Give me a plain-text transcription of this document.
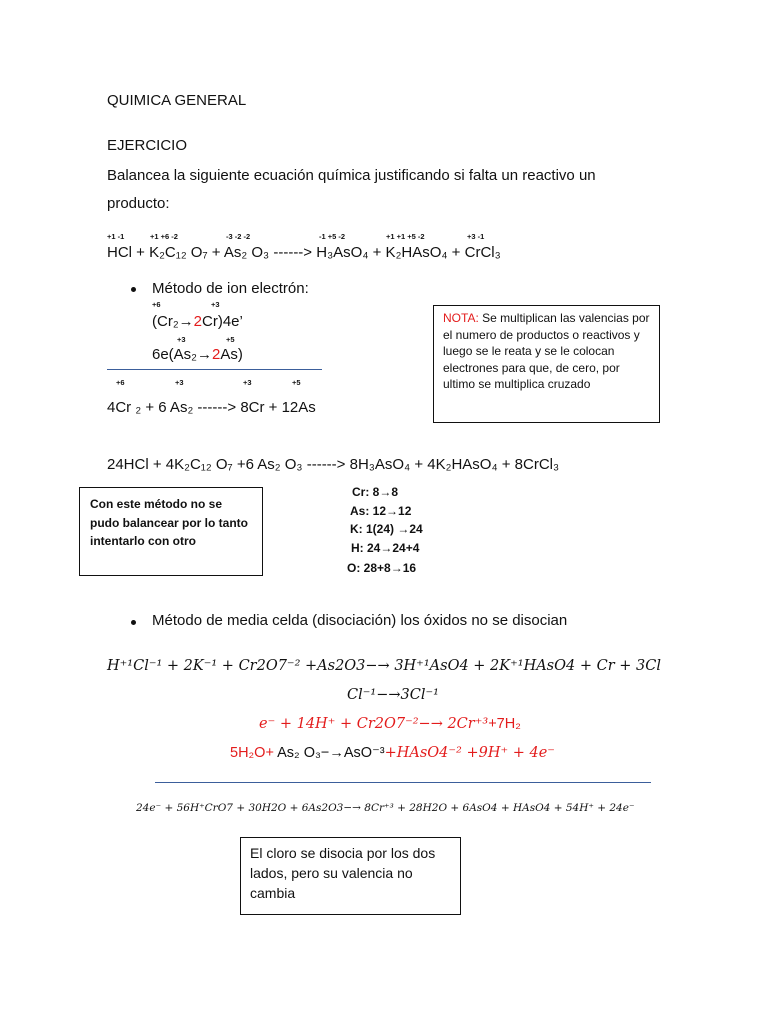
QUIMICA GENERAL
EJERCICIO
Balancea la siguiente ecuación química justificando si falta un reactivo un
producto:
+1 -1	+1 +6 -2	-3 -2 -2	-1 +5 -2	+1 +1 +5 -2	+3 -1
HCl + K₂C₁₂ O₇ + As₂ O₃ ------> H₃AsO₄ + K₂HAsO₄ + CrCl₃
Método de ion electrón:
+6	+3
(Cr₂→2Cr)4e’
+3	+5
6e(As₂→2As)
+6	+3	+3	+5
4Cr ₂ + 6 As₂ ------> 8Cr + 12As
NOTA: Se multiplican las valencias por el numero de productos o reactivos y luego se le reata y se le colocan electrones para que, de cero, por ultimo se multiplica cruzado
24HCl + 4K₂C₁₂ O₇ +6 As₂ O₃ ------> 8H₃AsO₄ + 4K₂HAsO₄ + 8CrCl₃
Con este método no se pudo balancear por lo tanto intentarlo con otro
Cr: 8→8
As: 12→12
K: 1(24) →24
H: 24→24+4
O: 28+8→16
Método de media celda (disociación) los óxidos no se disocian
H⁺¹Cl⁻¹ + 2K⁻¹ + Cr2O7⁻² +As2O3−→ 3H⁺¹AsO4 + 2K⁺¹HAsO4 + Cr + 3Cl
Cl⁻¹−→3Cl⁻¹
e⁻ + 14H⁺ + Cr2O7⁻²−→ 2Cr⁺³+7H₂
5H₂O+ As₂ O₃−→AsO⁻³+HAsO4⁻² +9H⁺ + 4e⁻
24e⁻ + 56H⁺CrO7 + 30H2O + 6As2O3−→ 8Cr⁺³ + 28H2O + 6AsO4 + HAsO4 + 54H⁺ + 24e⁻
El cloro se disocia por los dos lados, pero su valencia no cambia
